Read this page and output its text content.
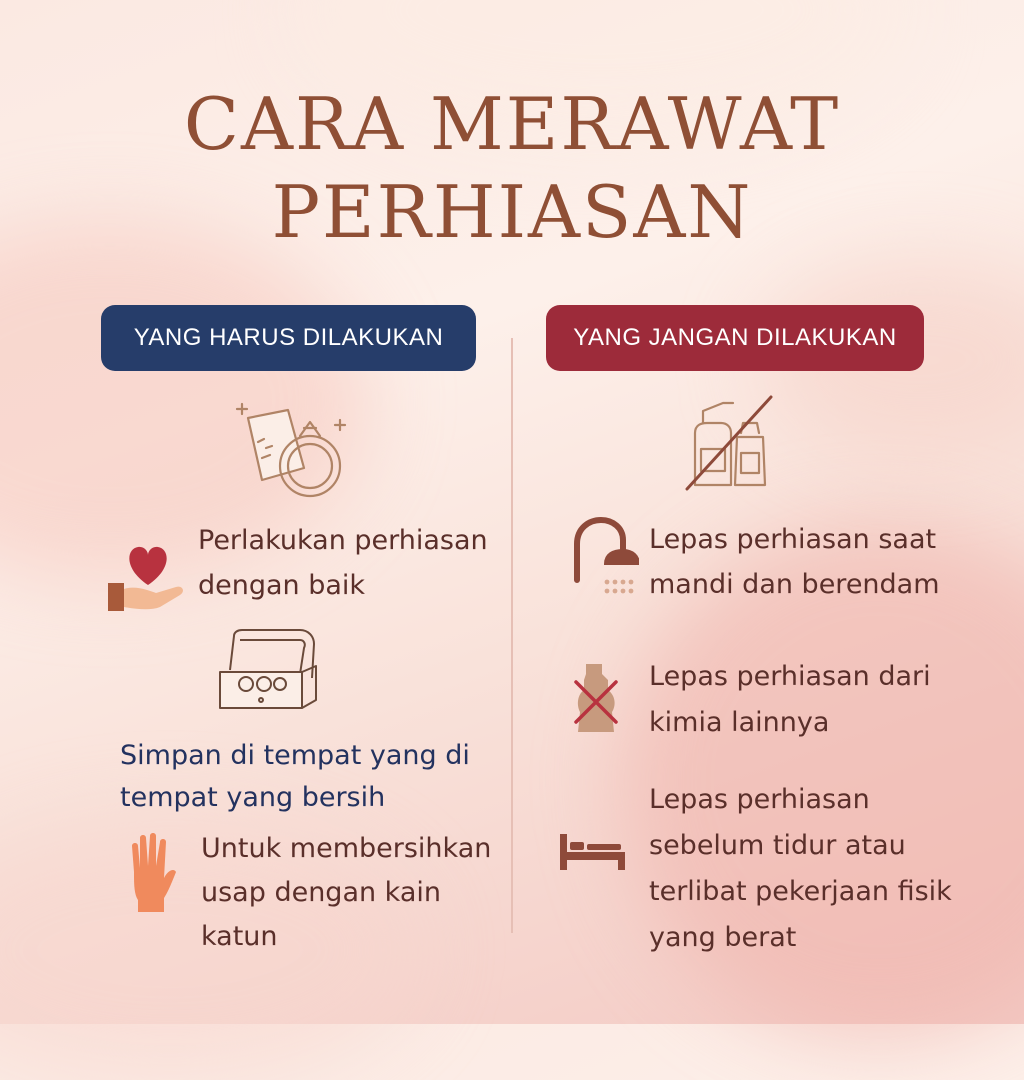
CARA MERAWAT
PERHIASAN
YANG HARUS DILAKUKAN	YANG JANGAN DILAKUKAN
Perlakukan perhiasan
dengan baik
Simpan di tempat yang di
tempat yang bersih
Untuk membersihkan
usap dengan kain
katun
Lepas perhiasan saat
mandi dan berendam
Lepas perhiasan dari
kimia lainnya
Lepas perhiasan
sebelum tidur atau
terlibat pekerjaan fisik
yang berat
